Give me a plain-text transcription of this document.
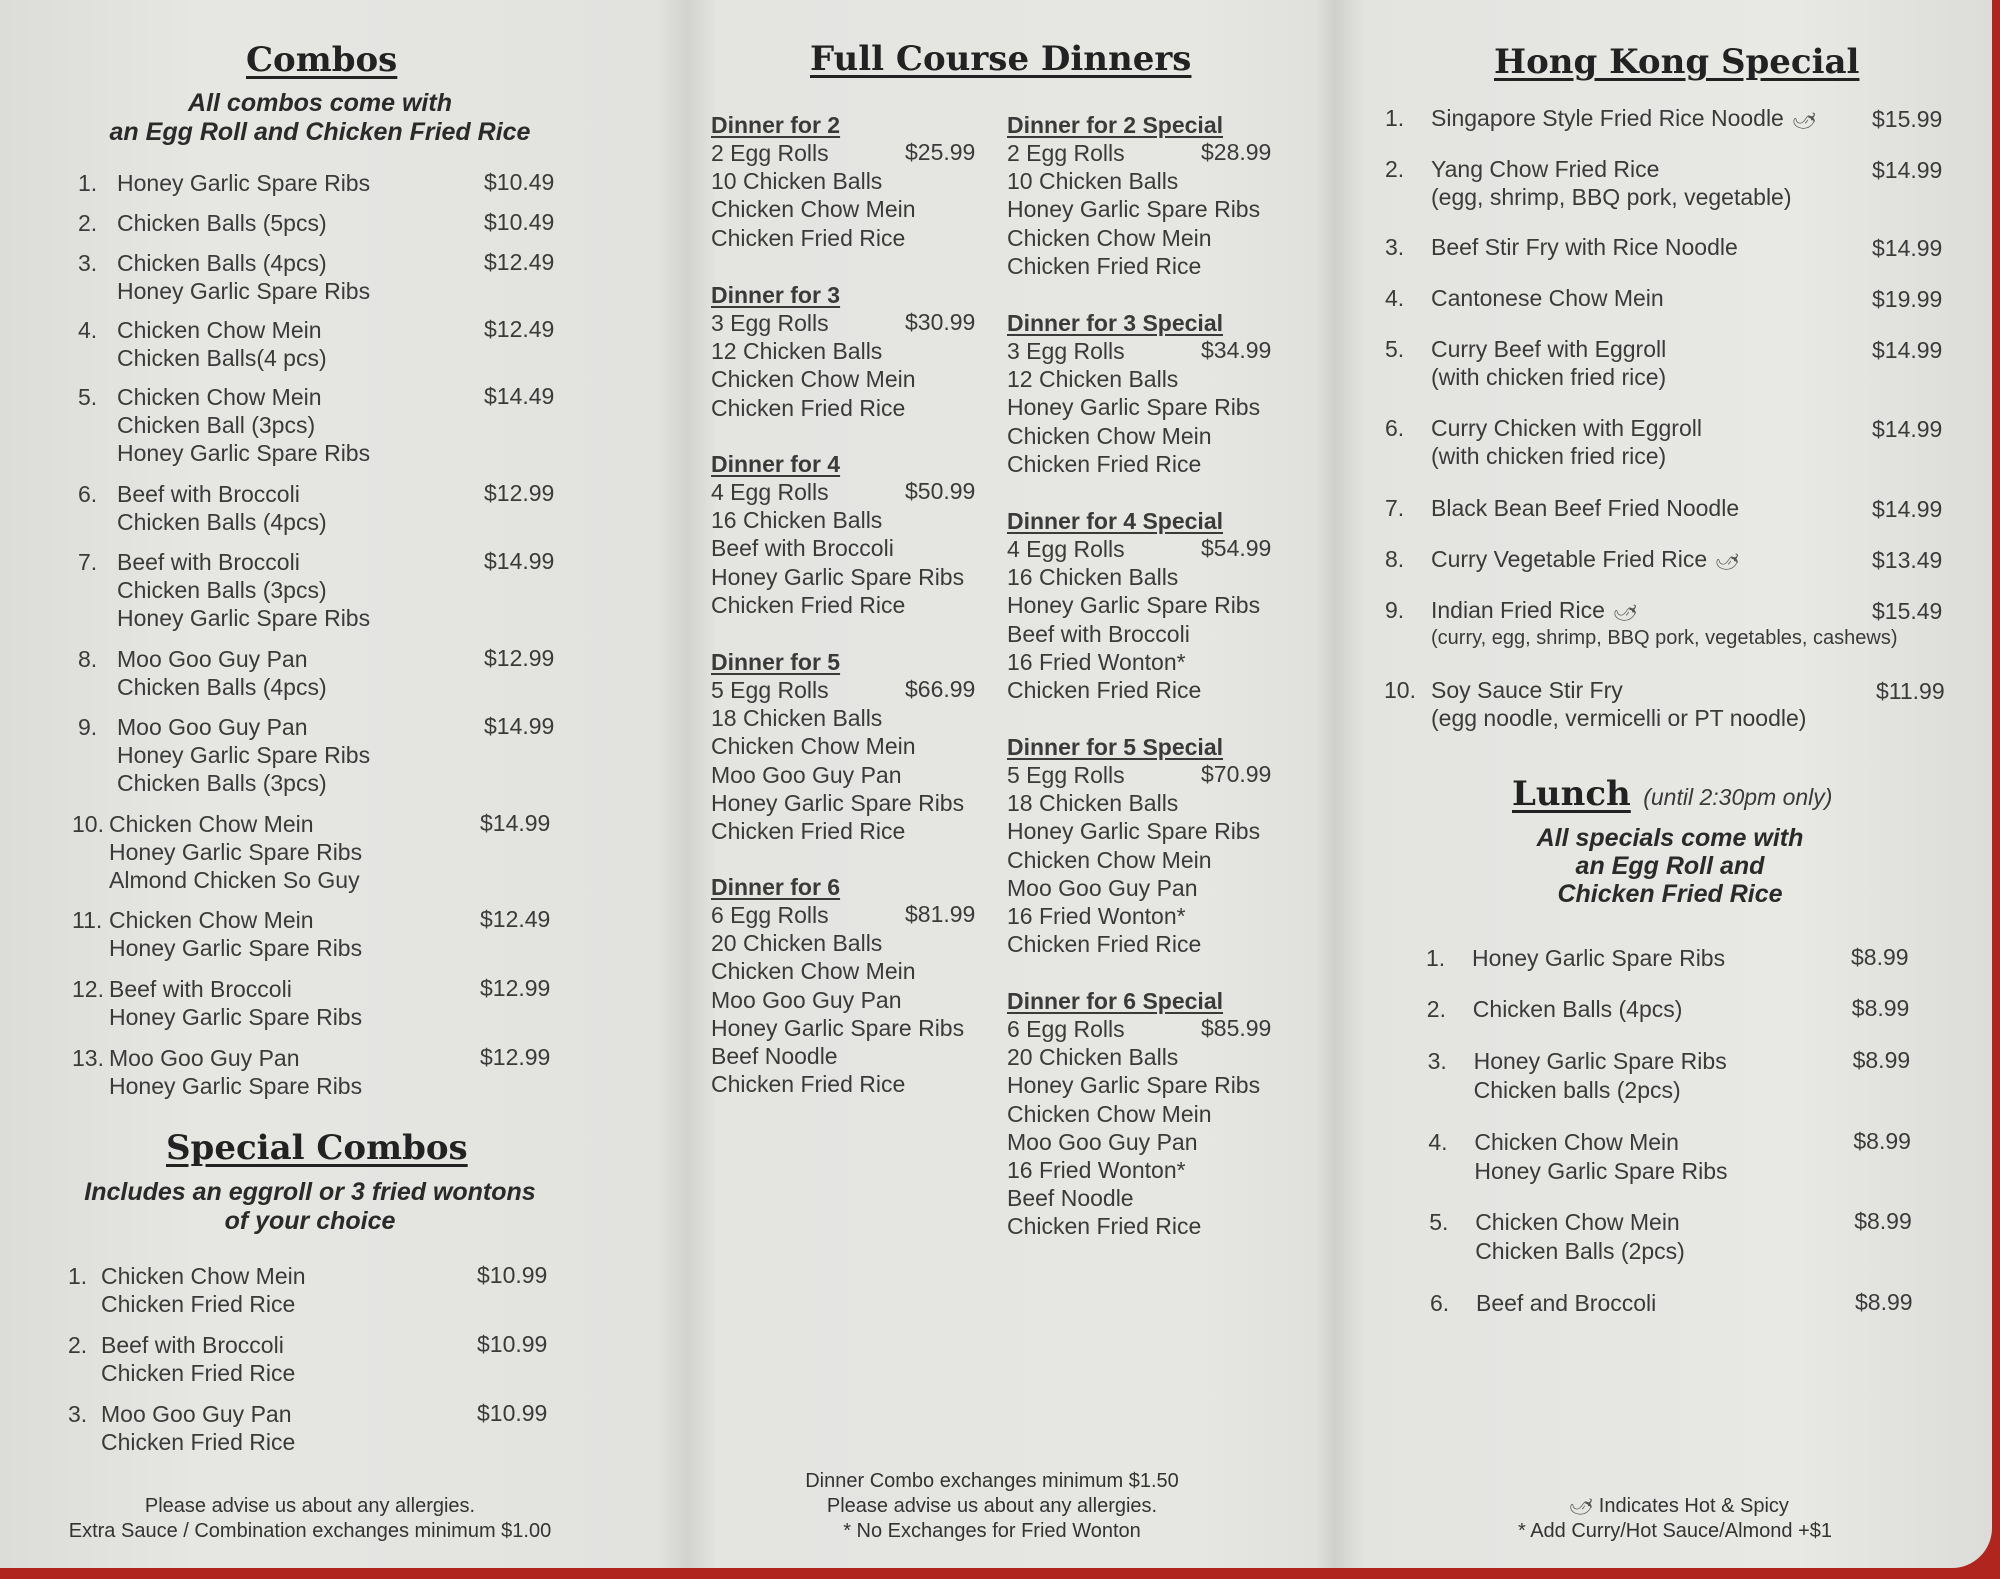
Combos
All combos come with
an Egg Roll and Chicken Fried Rice
1. Honey Garlic Spare Ribs	$10.49
2. Chicken Balls (5pcs)	$10.49
3. Chicken Balls (4pcs)
Honey Garlic Spare Ribs
$12.49
4. Chicken Chow Mein
Chicken Balls(4 pcs)
$12.49
5. Chicken Chow Mein
Chicken Ball (3pcs)
Honey Garlic Spare Ribs
$14.49
6. Beef with Broccoli
Chicken Balls (4pcs)
$12.99
7. Beef with Broccoli
Chicken Balls (3pcs)
Honey Garlic Spare Ribs
$14.99
8. Moo Goo Guy Pan
Chicken Balls (4pcs)
$12.99
9. Moo Goo Guy Pan
Honey Garlic Spare Ribs
Chicken Balls (3pcs)
$14.99
10. Chicken Chow Mein
Honey Garlic Spare Ribs
Almond Chicken So Guy
$14.99
11. Chicken Chow Mein
Honey Garlic Spare Ribs
$12.49
12. Beef with Broccoli
Honey Garlic Spare Ribs
$12.99
13. Moo Goo Guy Pan
Honey Garlic Spare Ribs
$12.99
Special Combos
Includes an eggroll or 3 fried wontons
of your choice
1. Chicken Chow Mein
Chicken Fried Rice
$10.99
2. Beef with Broccoli
Chicken Fried Rice
$10.99
3. Moo Goo Guy Pan
Chicken Fried Rice
$10.99
Please advise us about any allergies.
Extra Sauce / Combination exchanges minimum $1.00
Full Course Dinners
Dinner for 2
2 Egg Rolls
10 Chicken Balls
Chicken Chow Mein
Chicken Fried Rice
$25.99
Dinner for 3
3 Egg Rolls
12 Chicken Balls
Chicken Chow Mein
Chicken Fried Rice
$30.99
Dinner for 4
4 Egg Rolls
16 Chicken Balls
Beef with Broccoli
Honey Garlic Spare Ribs
Chicken Fried Rice
$50.99
Dinner for 5
5 Egg Rolls
18 Chicken Balls
Chicken Chow Mein
Moo Goo Guy Pan
Honey Garlic Spare Ribs
Chicken Fried Rice
$66.99
Dinner for 6
6 Egg Rolls
20 Chicken Balls
Chicken Chow Mein
Moo Goo Guy Pan
Honey Garlic Spare Ribs
Beef Noodle
Chicken Fried Rice
$81.99
Dinner for 2 Special
2 Egg Rolls
10 Chicken Balls
Honey Garlic Spare Ribs
Chicken Chow Mein
Chicken Fried Rice
$28.99
Dinner for 3 Special
3 Egg Rolls
12 Chicken Balls
Honey Garlic Spare Ribs
Chicken Chow Mein
Chicken Fried Rice
$34.99
Dinner for 4 Special
4 Egg Rolls
16 Chicken Balls
Honey Garlic Spare Ribs
Beef with Broccoli
16 Fried Wonton*
Chicken Fried Rice
$54.99
Dinner for 5 Special
5 Egg Rolls
18 Chicken Balls
Honey Garlic Spare Ribs
Chicken Chow Mein
Moo Goo Guy Pan
16 Fried Wonton*
Chicken Fried Rice
$70.99
Dinner for 6 Special
6 Egg Rolls
20 Chicken Balls
Honey Garlic Spare Ribs
Chicken Chow Mein
Moo Goo Guy Pan
16 Fried Wonton*
Beef Noodle
Chicken Fried Rice
$85.99
Dinner Combo exchanges minimum $1.50
Please advise us about any allergies.
* No Exchanges for Fried Wonton
Hong Kong Special
1. Singapore Style Fried Rice Noodle 🌶︎ $15.99
2. Yang Chow Fried Rice
(egg, shrimp, BBQ pork, vegetable)
$14.99
3. Beef Stir Fry with Rice Noodle	$14.99
4. Cantonese Chow Mein	$19.99
5. Curry Beef with Eggroll
(with chicken fried rice)
$14.99
6. Curry Chicken with Eggroll
(with chicken fried rice)
$14.99
7. Black Bean Beef Fried Noodle	$14.99
8. Curry Vegetable Fried Rice 🌶︎	$13.49
9. Indian Fried Rice 🌶︎
(curry, egg, shrimp, BBQ pork, vegetables, cashews)
$15.49
10. Soy Sauce Stir Fry
(egg noodle, vermicelli or PT noodle)
$11.99
Lunch (until 2:30pm only)
All specials come with
an Egg Roll and
Chicken Fried Rice
1. Honey Garlic Spare Ribs	$8.99
2. Chicken Balls (4pcs)	$8.99
3. Honey Garlic Spare Ribs
Chicken balls (2pcs)
$8.99
4. Chicken Chow Mein
Honey Garlic Spare Ribs
$8.99
5. Chicken Chow Mein
Chicken Balls (2pcs)
$8.99
6. Beef and Broccoli	$8.99
🌶︎ Indicates Hot & Spicy
* Add Curry/Hot Sauce/Almond +$1
